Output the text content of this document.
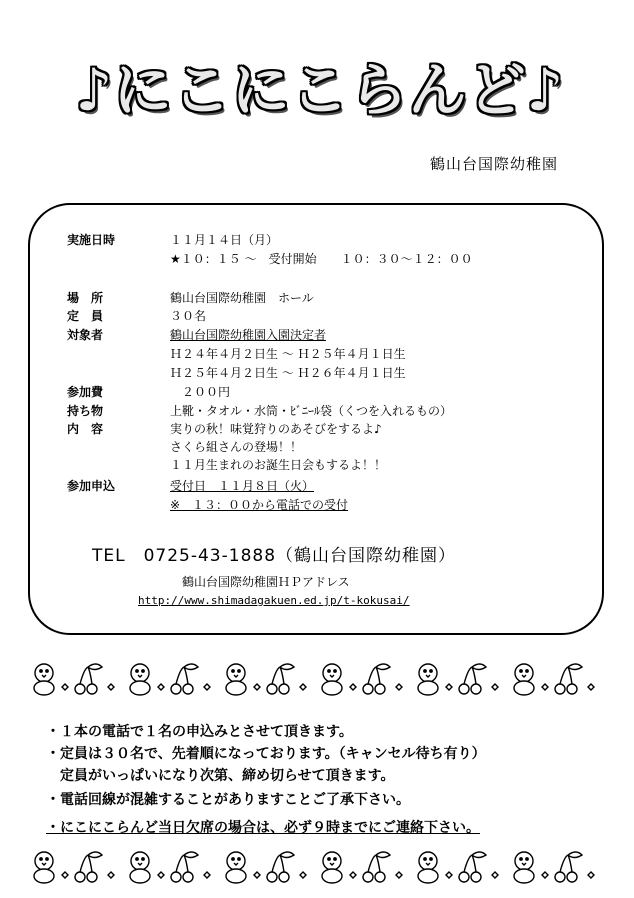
♪にこにこらんど♪
鶴山台国際幼稚園
実施日時	１１月１４日（月）
★１０：１５ ～　受付開始　　１０：３０～１２：００
場　所	鶴山台国際幼稚園　ホール
定　員	３０名
対象者	鶴山台国際幼稚園入園決定者
Ｈ２４年４月２日生 ～ Ｈ２５年４月１日生
Ｈ２５年４月２日生 ～ Ｈ２６年４月１日生
参加費	２００円
持ち物	上靴・タオル・水筒・ﾋﾞﾆｰﾙ袋（くつを入れるもの）
内　容	実りの秋！味覚狩りのあそびをするよ♪
さくら組さんの登場！！
１１月生まれのお誕生日会もするよ！！
参加申込	受付日　１１月８日（火）
※　１３：００から電話での受付
TEL　0725-43-1888（鶴山台国際幼稚園）
鶴山台国際幼稚園ＨＰアドレス
http://www.shimadagakuen.ed.jp/t-kokusai/
・１本の電話で１名の申込みとさせて頂きます。
・定員は３０名で、先着順になっております。（キャンセル待ち有り）
　定員がいっぱいになり次第、締め切らせて頂きます。
・電話回線が混雑することがありますことご了承下さい。
・にこにこらんど当日欠席の場合は、必ず９時までにご連絡下さい。
